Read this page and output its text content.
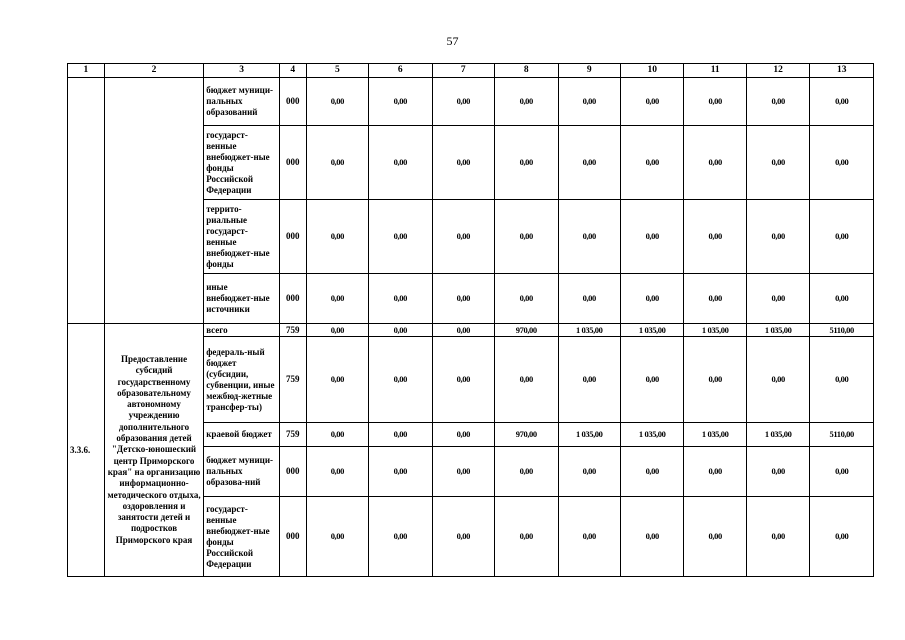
57
1	2	3	4	5	6	7	8	9	10	11	12	13
		бюджет муници-пальных образований	000	0,00	0,00	0,00	0,00	0,00	0,00	0,00	0,00	0,00
		государст-венные внебюджет-ные фонды Российской Федерации	000	0,00	0,00	0,00	0,00	0,00	0,00	0,00	0,00	0,00
		террито-риальные государст-венные внебюджет-ные фонды	000	0,00	0,00	0,00	0,00	0,00	0,00	0,00	0,00	0,00
		иные внебюджет-ные источники	000	0,00	0,00	0,00	0,00	0,00	0,00	0,00	0,00	0,00
3.3.6.	Предоставление субсидий государственному образовательному автономному учреждению дополнительного образования детей "Детско-юношеский центр Приморского края" на организацию информационно-методического отдыха, оздоровления и занятости детей и подростков Приморского края	всего	759	0,00	0,00	0,00	970,00	1 035,00	1 035,00	1 035,00	1 035,00	5110,00
		федераль-ный бюджет (субсидии, субвенции, иные межбюд-жетные трансфер-ты)	759	0,00	0,00	0,00	0,00	0,00	0,00	0,00	0,00	0,00
		краевой бюджет	759	0,00	0,00	0,00	970,00	1 035,00	1 035,00	1 035,00	1 035,00	5110,00
		бюджет муници-пальных образова-ний	000	0,00	0,00	0,00	0,00	0,00	0,00	0,00	0,00	0,00
		государст-венные внебюджет-ные фонды Российской Федерации	000	0,00	0,00	0,00	0,00	0,00	0,00	0,00	0,00	0,00
